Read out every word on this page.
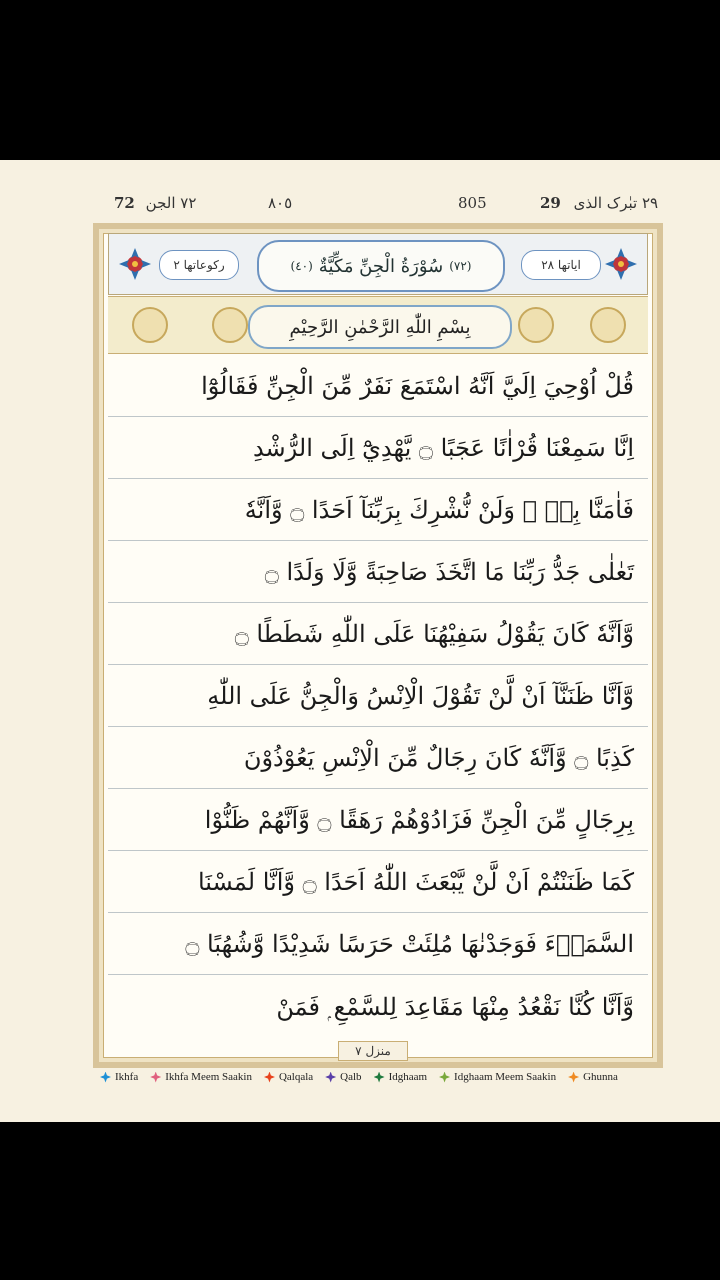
٧٢ الجن 72	٨٠٥	805	٢٩ تبٰرک الذی 29
رکوعاتھا ٢	(٧٢)
سُوْرَةُ الْجِنِّ مَكِّيَّةٌ
(٤٠)	ایاتھا ٢٨
بِسْمِ اللّٰهِ الرَّحْمٰنِ الرَّحِيْمِ
قُلْ اُوْحِيَ اِلَيَّ اَنَّهُ اسْتَمَعَ نَفَرٌ مِّنَ الْجِنِّ فَقَالُوْٓا
اِنَّا سَمِعْنَا قُرْاٰنًا عَجَبًا ۝ يَّهْدِيْٓ اِلَى الرُّشْدِ
فَاٰمَنَّا بِهٖ ۭ وَلَنْ نُّشْرِكَ بِرَبِّنَآ اَحَدًا ۝ وَّاَنَّهٗ
تَعٰلٰى جَدُّ رَبِّنَا مَا اتَّخَذَ صَاحِبَةً وَّلَا وَلَدًا ۝
وَّاَنَّهٗ كَانَ يَقُوْلُ سَفِيْهُنَا عَلَى اللّٰهِ شَطَطًا ۝
وَّاَنَّا ظَنَنَّآ اَنْ لَّنْ تَقُوْلَ الْاِنْسُ وَالْجِنُّ عَلَى اللّٰهِ
كَذِبًا ۝ وَّاَنَّهٗ كَانَ رِجَالٌ مِّنَ الْاِنْسِ يَعُوْذُوْنَ
بِرِجَالٍ مِّنَ الْجِنِّ فَزَادُوْهُمْ رَهَقًا ۝ وَّاَنَّهُمْ ظَنُّوْا
كَمَا ظَنَنْتُمْ اَنْ لَّنْ يَّبْعَثَ اللّٰهُ اَحَدًا ۝ وَّاَنَّا لَمَسْنَا
السَّمَاۗءَ فَوَجَدْنٰهَا مُلِئَتْ حَرَسًا شَدِيْدًا وَّشُهُبًا ۝
وَّاَنَّا كُنَّا نَقْعُدُ مِنْهَا مَقَاعِدَ لِلسَّمْعِ ۭ فَمَنْ
منزل ٧
Ikhfa Ikhfa Meem Saakin Qalqala Qalb Idghaam Idghaam Meem Saakin Ghunna
